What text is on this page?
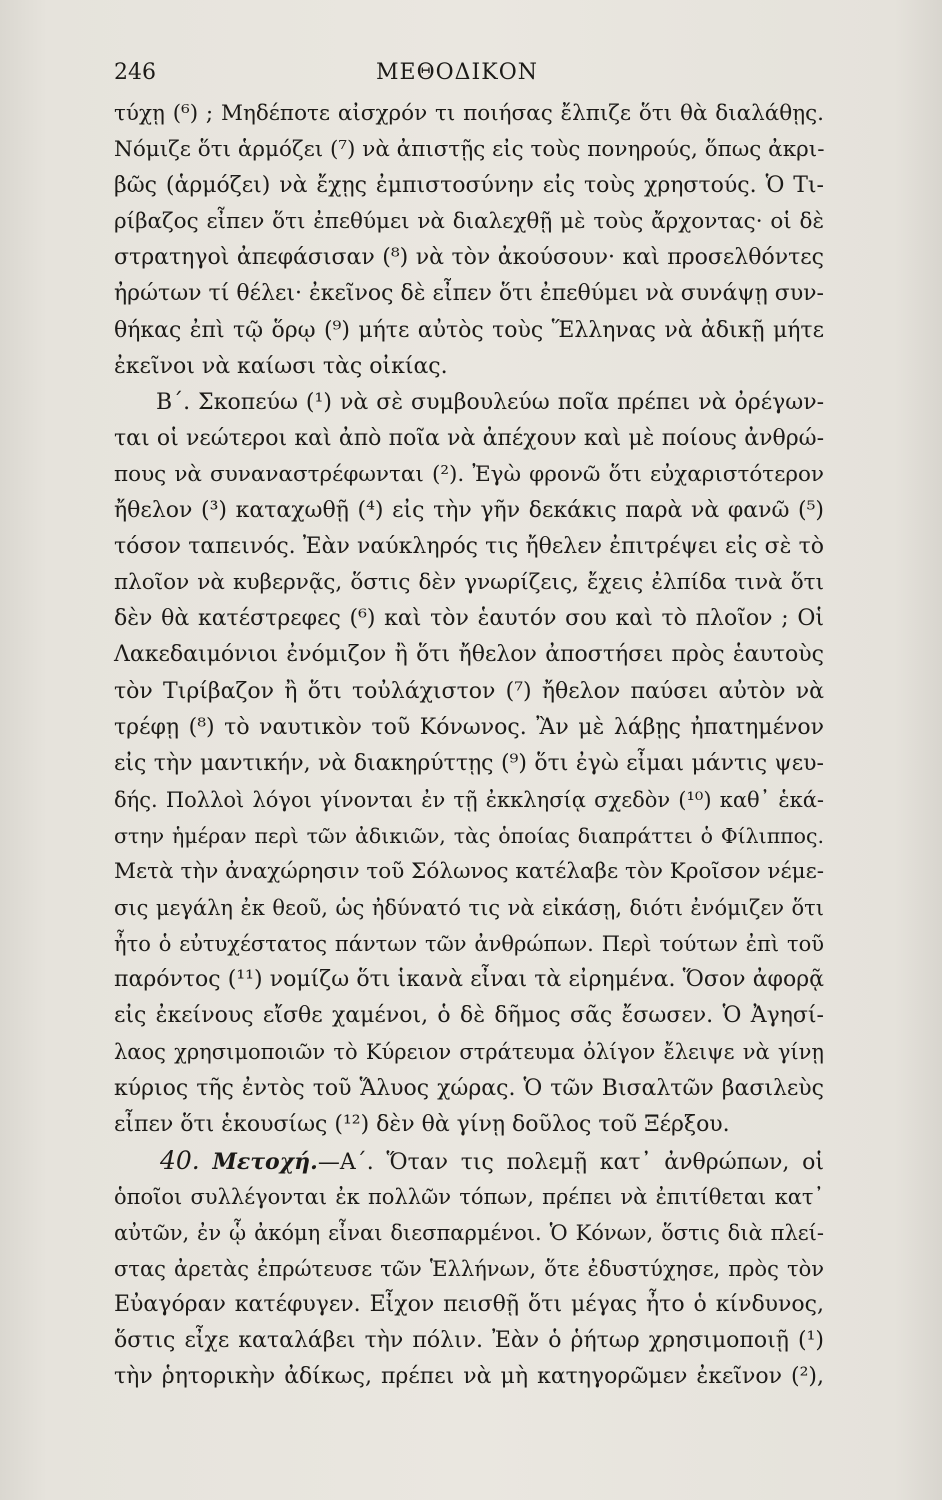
246	ΜΕΘΟΔΙΚΟΝ
τύχῃ (⁶) ; Μηδέποτε αἰσχρόν τι ποιήσας ἔλπιζε ὅτι θὰ διαλάθῃς.
Νόμιζε ὅτι ἁρμόζει (⁷) νὰ ἀπιστῇς εἰς τοὺς πονηρούς, ὅπως ἀκρι-
βῶς (ἁρμόζει) νὰ ἔχῃς ἐμπιστοσύνην εἰς τοὺς χρηστούς. Ὁ Τι-
ρίβαζος εἶπεν ὅτι ἐπεθύμει νὰ διαλεχθῇ μὲ τοὺς ἄρχοντας· οἱ δὲ
στρατηγοὶ ἀπεφάσισαν (⁸) νὰ τὸν ἀκούσουν· καὶ προσελθόντες
ἠρώτων τί θέλει· ἐκεῖνος δὲ εἶπεν ὅτι ἐπεθύμει νὰ συνάψῃ συν-
θήκας ἐπὶ τῷ ὅρῳ (⁹) μήτε αὐτὸς τοὺς Ἕλληνας νὰ ἀδικῇ μήτε
ἐκεῖνοι νὰ καίωσι τὰς οἰκίας.
Β΄. Σκοπεύω (¹) νὰ σὲ συμβουλεύω ποῖα πρέπει νὰ ὀρέγων-
ται οἱ νεώτεροι καὶ ἀπὸ ποῖα νὰ ἀπέχουν καὶ μὲ ποίους ἀνθρώ-
πους νὰ συναναστρέφωνται (²). Ἐγὼ φρονῶ ὅτι εὐχαριστότερον
ἤθελον (³) καταχωθῇ (⁴) εἰς τὴν γῆν δεκάκις παρὰ νὰ φανῶ (⁵)
τόσον ταπεινός. Ἐὰν ναύκληρός τις ἤθελεν ἐπιτρέψει εἰς σὲ τὸ
πλοῖον νὰ κυβερνᾷς, ὅστις δὲν γνωρίζεις, ἔχεις ἐλπίδα τινὰ ὅτι
δὲν θὰ κατέστρεφες (⁶) καὶ τὸν ἑαυτόν σου καὶ τὸ πλοῖον ; Οἱ
Λακεδαιμόνιοι ἐνόμιζον ἢ ὅτι ἤθελον ἀποστήσει πρὸς ἑαυτοὺς
τὸν Τιρίβαζον ἢ ὅτι τοὐλάχιστον (⁷) ἤθελον παύσει αὐτὸν νὰ
τρέφῃ (⁸) τὸ ναυτικὸν τοῦ Κόνωνος. Ἂν μὲ λάβῃς ἠπατημένον
εἰς τὴν μαντικήν, νὰ διακηρύττῃς (⁹) ὅτι ἐγὼ εἶμαι μάντις ψευ-
δής. Πολλοὶ λόγοι γίνονται ἐν τῇ ἐκκλησίᾳ σχεδὸν (¹⁰) καθ᾽ ἑκά-
στην ἡμέραν περὶ τῶν ἀδικιῶν, τὰς ὁποίας διαπράττει ὁ Φίλιππος.
Μετὰ τὴν ἀναχώρησιν τοῦ Σόλωνος κατέλαβε τὸν Κροῖσον νέμε-
σις μεγάλη ἐκ θεοῦ, ὡς ἠδύνατό τις νὰ εἰκάσῃ, διότι ἐνόμιζεν ὅτι
ἦτο ὁ εὐτυχέστατος πάντων τῶν ἀνθρώπων. Περὶ τούτων ἐπὶ τοῦ
παρόντος (¹¹) νομίζω ὅτι ἱκανὰ εἶναι τὰ εἰρημένα. Ὅσον ἀφορᾷ
εἰς ἐκείνους εἴσθε χαμένοι, ὁ δὲ δῆμος σᾶς ἔσωσεν. Ὁ Ἀγησί-
λαος χρησιμοποιῶν τὸ Κύρειον στράτευμα ὀλίγον ἔλειψε νὰ γίνῃ
κύριος τῆς ἐντὸς τοῦ Ἅλυος χώρας. Ὁ τῶν Βισαλτῶν βασιλεὺς
εἶπεν ὅτι ἑκουσίως (¹²) δὲν θὰ γίνῃ δοῦλος τοῦ Ξέρξου.
40. Μετοχή.—Α΄. Ὅταν τις πολεμῇ κατ᾽ ἀνθρώπων, οἱ
ὁποῖοι συλλέγονται ἐκ πολλῶν τόπων, πρέπει νὰ ἐπιτίθεται κατ᾽
αὐτῶν, ἐν ᾧ ἀκόμη εἶναι διεσπαρμένοι. Ὁ Κόνων, ὅστις διὰ πλεί-
στας ἀρετὰς ἐπρώτευσε τῶν Ἑλλήνων, ὅτε ἐδυστύχησε, πρὸς τὸν
Εὐαγόραν κατέφυγεν. Εἶχον πεισθῇ ὅτι μέγας ἦτο ὁ κίνδυνος,
ὅστις εἶχε καταλάβει τὴν πόλιν. Ἐὰν ὁ ῥήτωρ χρησιμοποιῇ (¹)
τὴν ῥητορικὴν ἀδίκως, πρέπει νὰ μὴ κατηγορῶμεν ἐκεῖνον (²),
